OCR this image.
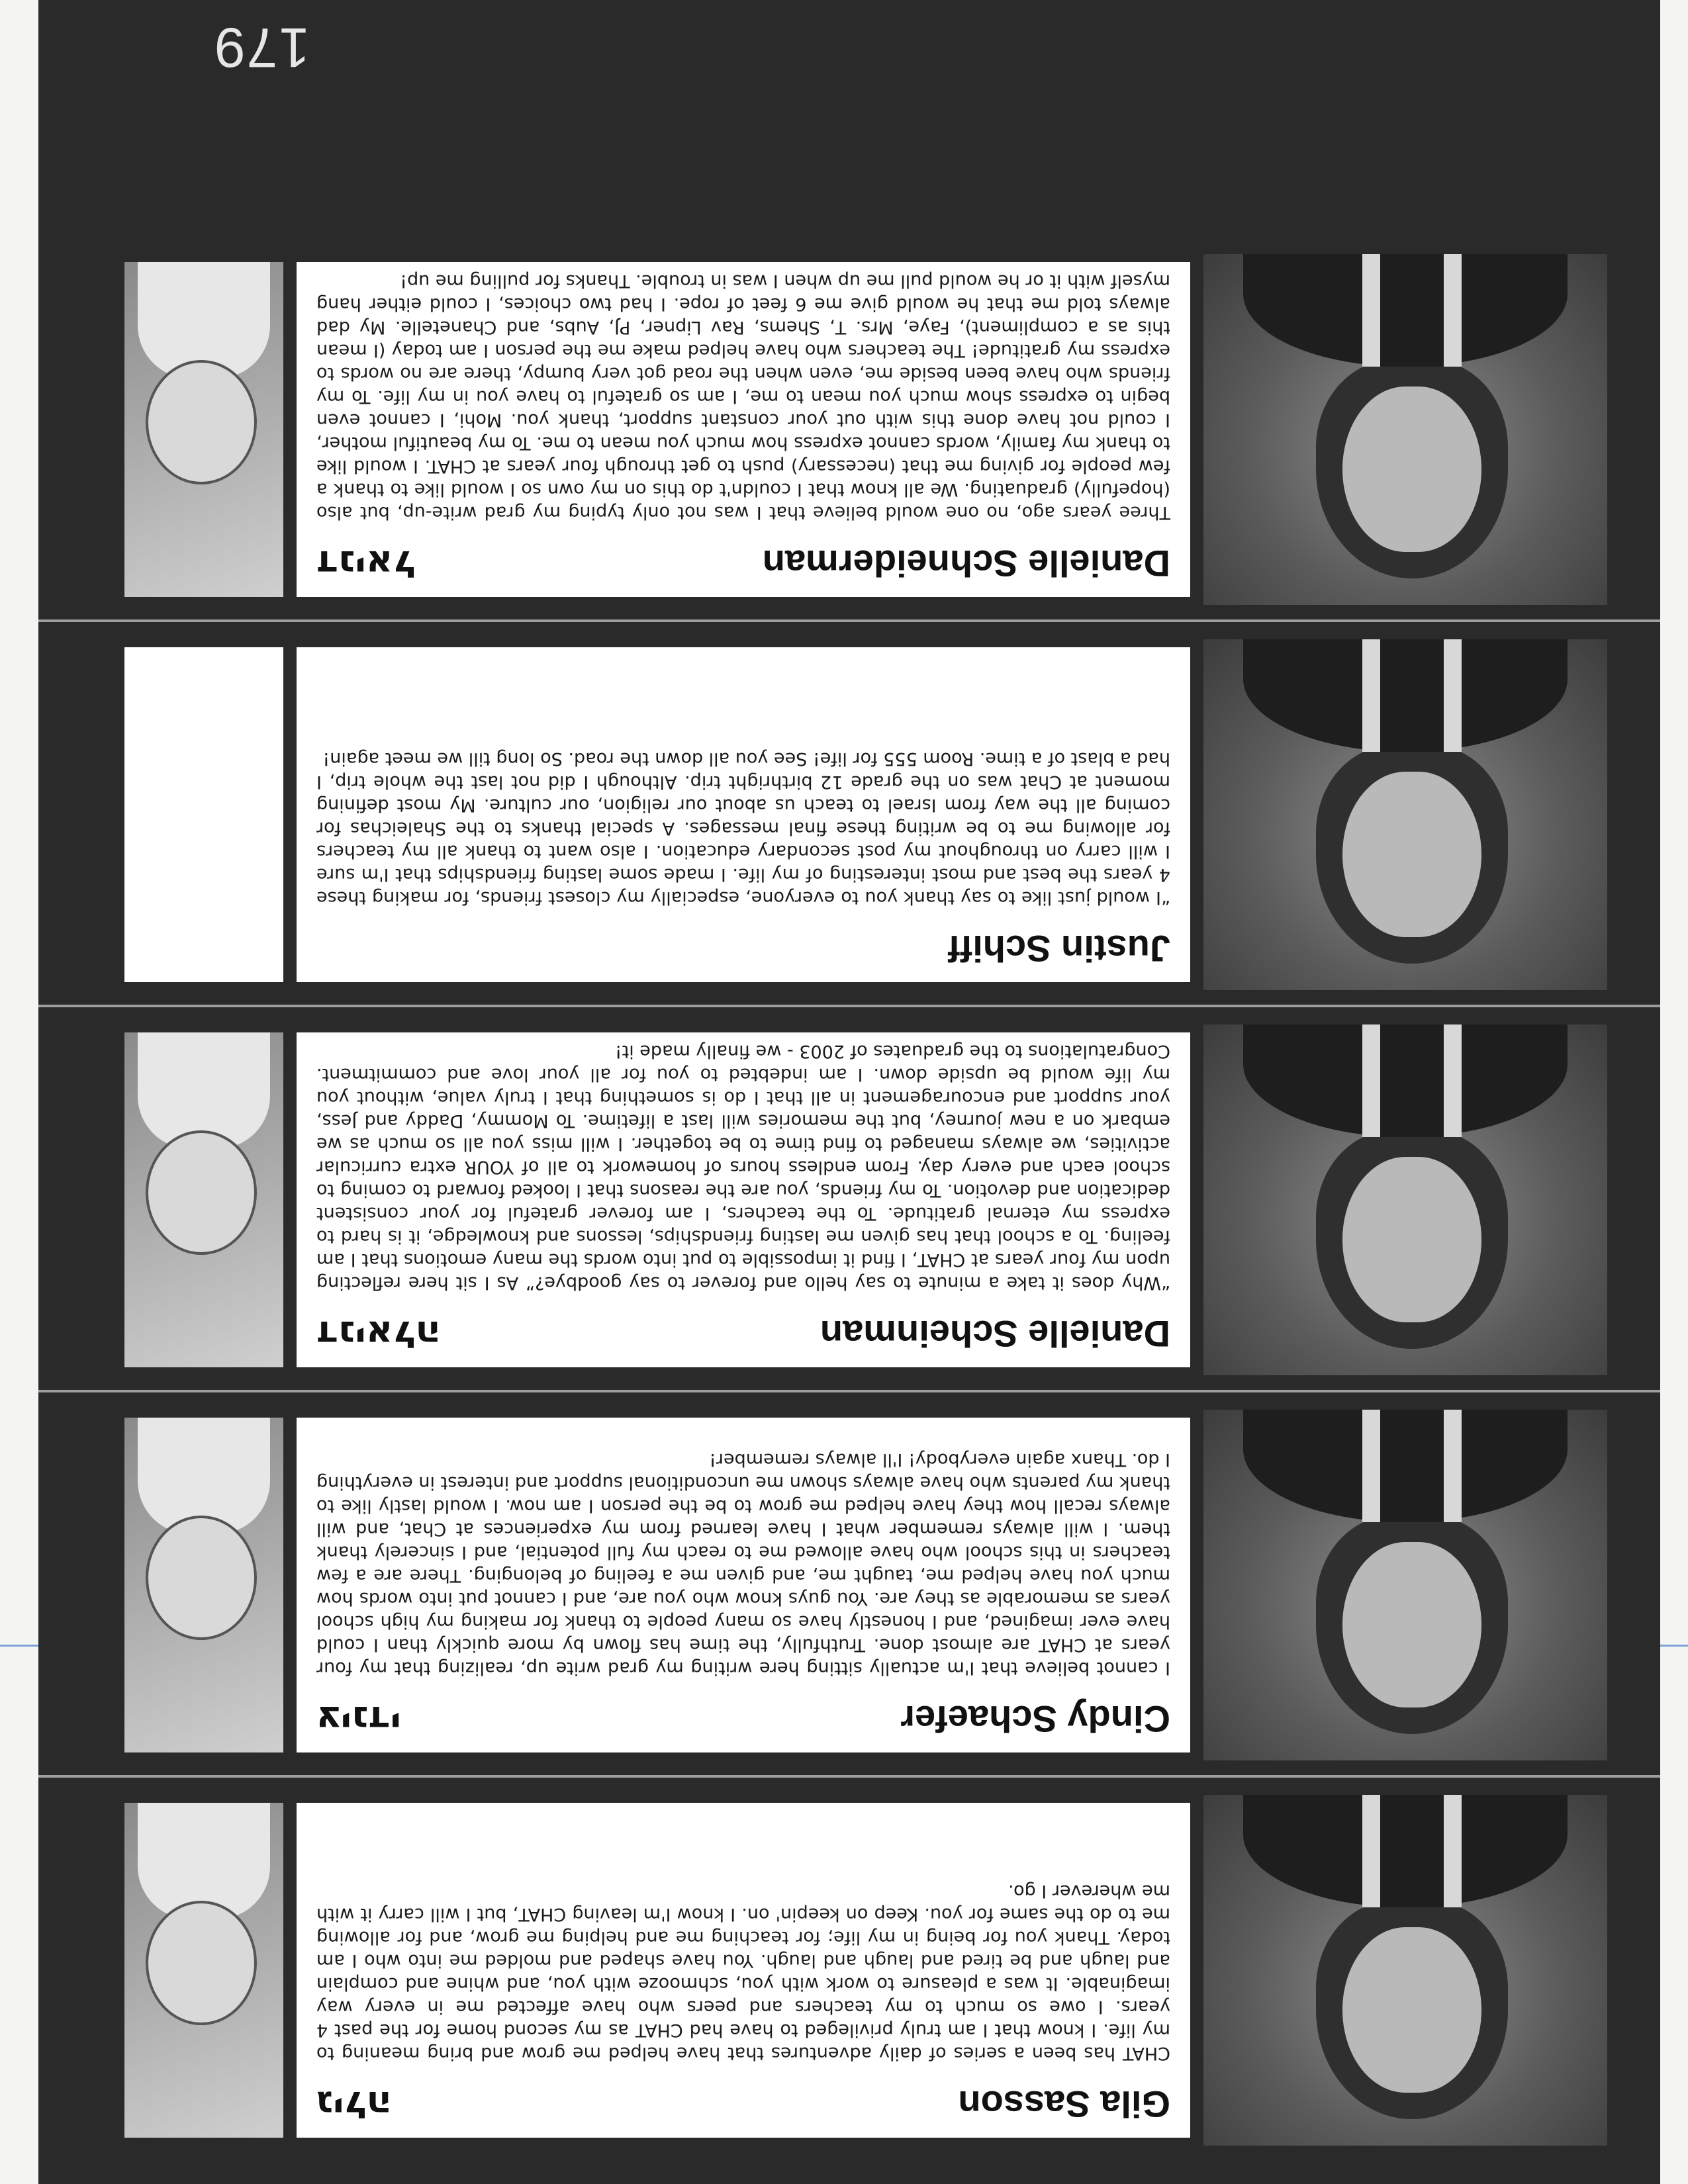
Gila Sasson
גילה
CHAT has been a series of daily adventures that have helped me grow and bring meaning to my life. I know that I am truly privileged to have had CHAT as my second home for the past 4 years. I owe so much to my teachers and peers who have affected me in every way imaginable. It was a pleasure to work with you, schmooze with you, and whine and complain and laugh and be tired and laugh and laugh. You have shaped and molded me into who I am today. Thank you for being in my life; for teaching me and helping me grow, and for allowing me to do the same for you. Keep on keepin' on. I know I'm leaving CHAT, but I will carry it with me wherever I go.
Cindy Schaefer
צינדי
I cannot believe that I'm actually sitting here writing my grad write up, realizing that my four years at CHAT are almost done. Truthfully, the time has flown by more quickly than I could have ever imagined, and I honestly have so many people to thank for making my high school years as memorable as they are. You guys know who you are, and I cannot put into words how much you have helped me, taught me, and given me a feeling of belonging. There are a few teachers in this school who have allowed me to reach my full potential, and I sincerely thank them. I will always remember what I have learned from my experiences at Chat, and will always recall how they have helped me grow to be the person I am now. I would lastly like to thank my parents who have always shown me unconditional support and interest in everything I do. Thanx again everybody! I'll always remember!
Danielle Scheinman
דניאלה
“Why does it take a minute to say hello and forever to say goodbye?” As I sit here reflecting upon my four years at CHAT, I find it impossible to put into words the many emotions that I am feeling. To a school that has given me lasting friendships, lessons and knowledge, it is hard to express my eternal gratitude. To the teachers, I am forever grateful for your consistent dedication and devotion. To my friends, you are the reasons that I looked forward to coming to school each and every day. From endless hours of homework to all of YOUR extra curricular activities, we always managed to find time to be together. I will miss you all so much as we embark on a new journey, but the memories will last a lifetime. To Mommy, Daddy and Jess, your support and encouragement in all that I do is something that I truly value, without you my life would be upside down. I am indebted to you for all your love and commitment. Congratulations to the graduates of 2003 - we finally made it!
Justin Schiff
“I would just like to say thank you to everyone, especially my closest friends, for making these 4 years the best and most interesting of my life. I made some lasting friendships that I'm sure I will carry on throughout my post secondary education. I also want to thank all my teachers for allowing me to be writing these final messages. A special thanks to the Shaleichas for coming all the way from Israel to teach us about our religion, our culture. My most defining moment at Chat was on the grade 12 birthright trip. Although I did not last the whole trip, I had a blast of a time. Room 555 for life! See you all down the road. So long till we meet again!
Danielle Schneiderman
דניאל
Three years ago, no one would believe that I was not only typing my grad write-up, but also (hopefully) graduating. We all know that I couldn't do this on my own so I would like to thank a few people for giving me that (necessary) push to get through four years at CHAT. I would like to thank my family, words cannot express how much you mean to me. To my beautiful mother, I could not have done this with out your constant support, thank you. Mohi, I cannot even begin to express show much you mean to me, I am so grateful to have you in my life. To my friends who have been beside me, even when the road got very bumpy, there are no words to express my gratitude! The teachers who have helped make me the person I am today (I mean this as a compliment), Faye, Mrs. T, Shems, Rav Lipner, PJ, Aubs, and Chanetelle. My dad always told me that he would give me 6 feet of rope. I had two choices, I could either hang myself with it or he would pull me up when I was in trouble. Thanks for pulling me up!
179
